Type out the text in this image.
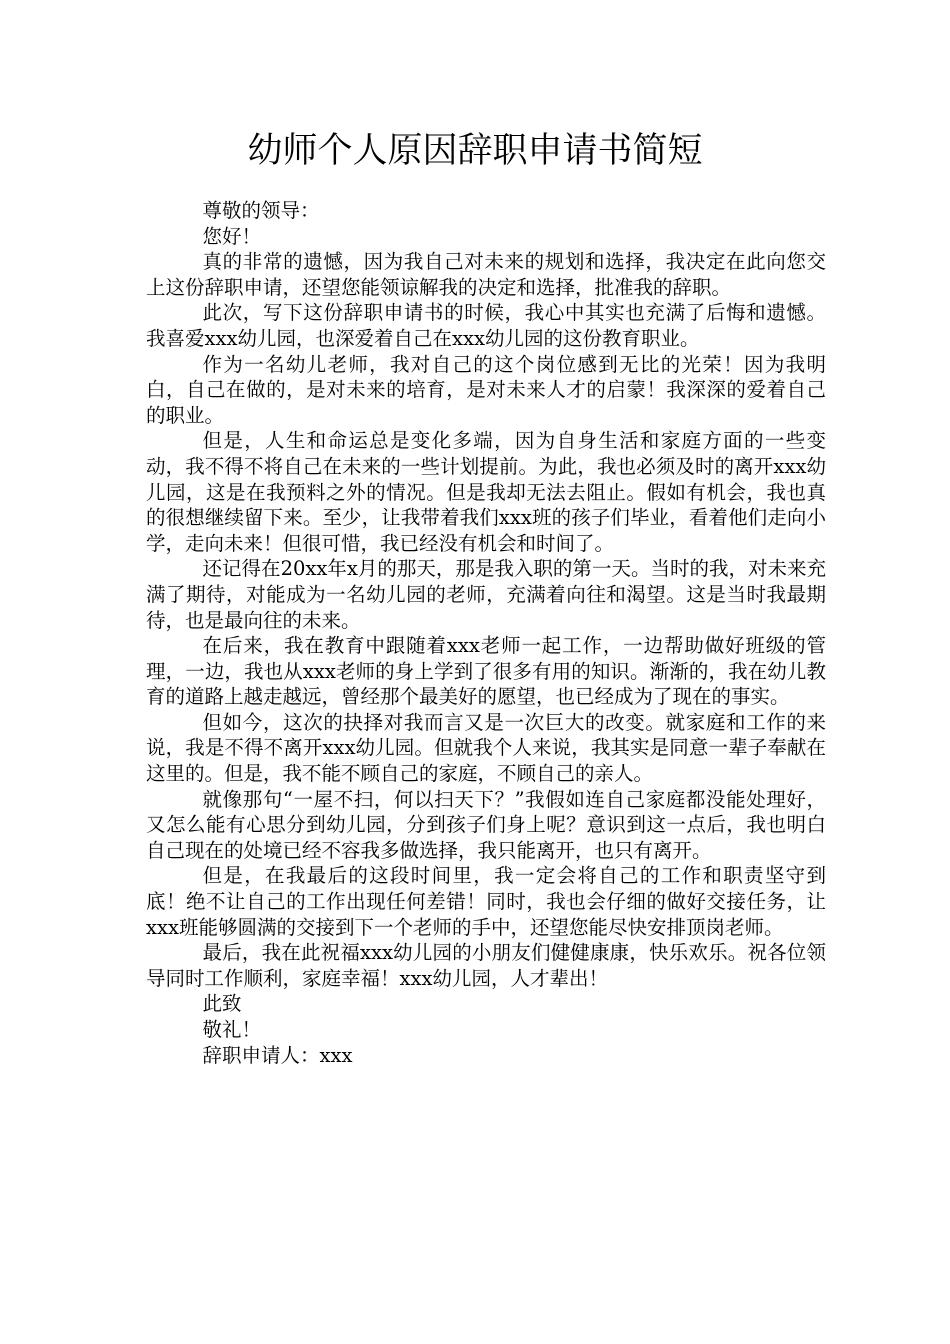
幼师个人原因辞职申请书简短

尊敬的领导：

您好！

真的非常的遗憾，因为我自己对未来的规划和选择，我决定在此向您交上这份辞职申请，还望您能领谅解我的决定和选择，批准我的辞职。

此次，写下这份辞职申请书的时候，我心中其实也充满了后悔和遗憾。我喜爱xxx幼儿园，也深爱着自己在xxx幼儿园的这份教育职业。

作为一名幼儿老师，我对自己的这个岗位感到无比的光荣！因为我明白，自己在做的，是对未来的培育，是对未来人才的启蒙！我深深的爱着自己的职业。

但是，人生和命运总是变化多端，因为自身生活和家庭方面的一些变动，我不得不将自己在未来的一些计划提前。为此，我也必须及时的离开xxx幼儿园，这是在我预料之外的情况。但是我却无法去阻止。假如有机会，我也真的很想继续留下来。至少，让我带着我们xxx班的孩子们毕业，看着他们走向小学，走向未来！但很可惜，我已经没有机会和时间了。

还记得在20xx年x月的那天，那是我入职的第一天。当时的我，对未来充满了期待，对能成为一名幼儿园的老师，充满着向往和渴望。这是当时我最期待，也是最向往的未来。

在后来，我在教育中跟随着xxx老师一起工作，一边帮助做好班级的管理，一边，我也从xxx老师的身上学到了很多有用的知识。渐渐的，我在幼儿教育的道路上越走越远，曾经那个最美好的愿望，也已经成为了现在的事实。

但如今，这次的抉择对我而言又是一次巨大的改变。就家庭和工作的来说，我是不得不离开xxx幼儿园。但就我个人来说，我其实是同意一辈子奉献在这里的。但是，我不能不顾自己的家庭，不顾自己的亲人。

就像那句“一屋不扫，何以扫天下？”我假如连自己家庭都没能处理好，又怎么能有心思分到幼儿园，分到孩子们身上呢？意识到这一点后，我也明白自己现在的处境已经不容我多做选择，我只能离开，也只有离开。

但是，在我最后的这段时间里，我一定会将自己的工作和职责坚守到底！绝不让自己的工作出现任何差错！同时，我也会仔细的做好交接任务，让xxx班能够圆满的交接到下一个老师的手中，还望您能尽快安排顶岗老师。

最后，我在此祝福xxx幼儿园的小朋友们健健康康，快乐欢乐。祝各位领导同时工作顺利，家庭幸福！xxx幼儿园，人才辈出！

此致

敬礼！

辞职申请人：xxx
